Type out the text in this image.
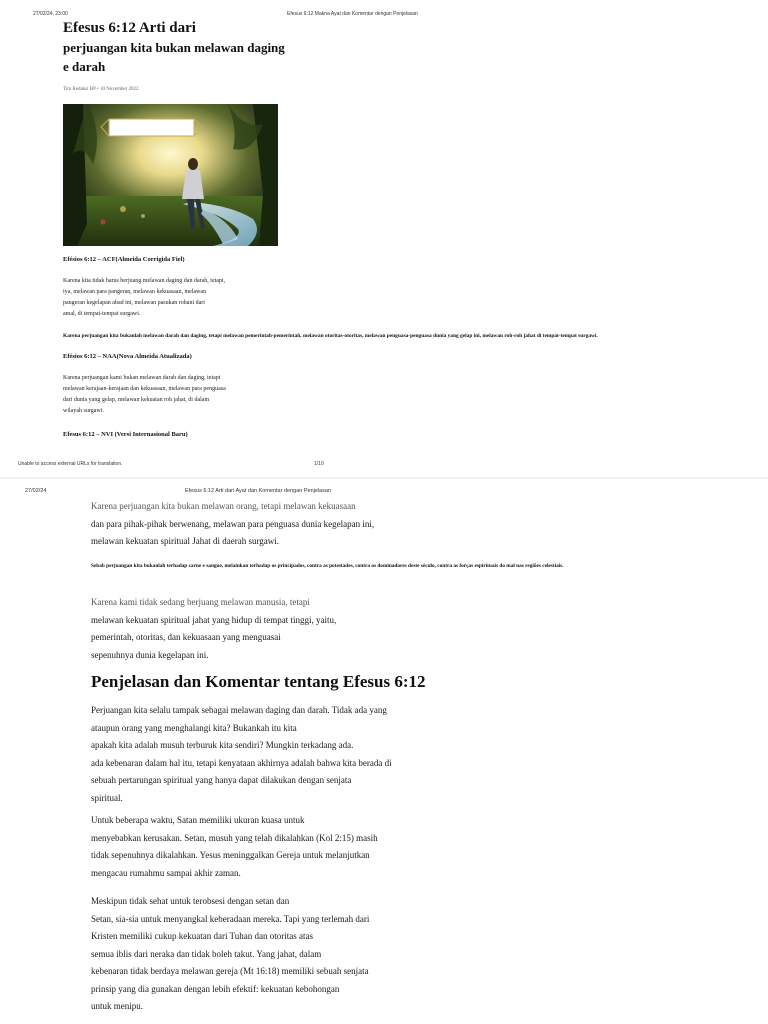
27/02/24, 23:00	Efesus 6:12 Makna Ayat dan Komentar dengan Penjelasan
Efesus 6:12 Arti dari
perjuangan kita bukan melawan daging
e darah
Tim Redaksi BP • 10 November 2022
Efésios 6:12 – ACF(Almeida Corrigida Fiel)
Karena kita tidak harus berjuang melawan daging dan darah, tetapi,
iya, melawan para pangeran, melawan kekuasaan, melawan
pangeran kegelapan abad ini, melawan pasukan rohani dari
amal, di tempat-tempat surgawi.
Karena perjuangan kita bukanlah melawan darah dan daging, tetapi melawan pemerintah-pemerintah, melawan otoritas-otoritas, melawan penguasa-penguasa dunia yang gelap ini, melawan roh-roh jahat di tempat-tempat surgawi.
Efésios 6:12 – NAA(Nova Almeida Atualizada)
Karena perjuangan kami bukan melawan darah dan daging, tetapi
melawan kerajaan-kerajaan dan kekuasaan, melawan para penguasa
dari dunia yang gelap, melawan kekuatan roh jahat, di dalam
wilayah surgawi.
Efesus 6:12 – NVI (Versi Internasional Baru)
Unable to access external URLs for translation.	1/10
27/02/24	Efesus 6:12 Arti dari Ayat dan Komentar dengan Penjelasan
Karena perjuangan kita bukan melawan orang, tetapi melawan kekuasaan
dan para pihak-pihak berwenang, melawan para penguasa dunia kegelapan ini,
melawan kekuatan spiritual Jahat di daerah surgawi.
Sebab perjuangan kita bukanlah terhadap carne e sangue, melainkan terhadap os principados, contra as potestades, contra os dominadores deste século, contra as forças espirituais do mal nas regiões celestiais.
Karena kami tidak sedang berjuang melawan manusia, tetapi
melawan kekuatan spiritual jahat yang hidup di tempat tinggi, yaitu,
pemerintah, otoritas, dan kekuasaan yang menguasai
sepenuhnya dunia kegelapan ini.
Penjelasan dan Komentar tentang Efesus 6:12
Perjuangan kita selalu tampak sebagai melawan daging dan darah. Tidak ada yang
ataupun orang yang menghalangi kita? Bukankah itu kita
apakah kita adalah musuh terburuk kita sendiri? Mungkin terkadang ada.
ada kebenaran dalam hal itu, tetapi kenyataan akhirnya adalah bahwa kita berada di
sebuah pertarungan spiritual yang hanya dapat dilakukan dengan senjata
spiritual.
Untuk beberapa waktu, Satan memiliki ukuran kuasa untuk
menyebabkan kerusakan. Setan, musuh yang telah dikalahkan (Kol 2:15) masih
tidak sepenuhnya dikalahkan. Yesus meninggalkan Gereja untuk melanjutkan
mengacau rumahmu sampai akhir zaman.
Meskipun tidak sehat untuk terobsesi dengan setan dan
Setan, sia-sia untuk menyangkal keberadaan mereka. Tapi yang terlemah dari
Kristen memiliki cukup kekuatan dari Tuhan dan otoritas atas
semua iblis dari neraka dan tidak boleh takut. Yang jahat, dalam
kebenaran tidak berdaya melawan gereja (Mt 16:18) memiliki sebuah senjata
prinsip yang dia gunakan dengan lebih efektif: kekuatan kebohongan
untuk menipu.
